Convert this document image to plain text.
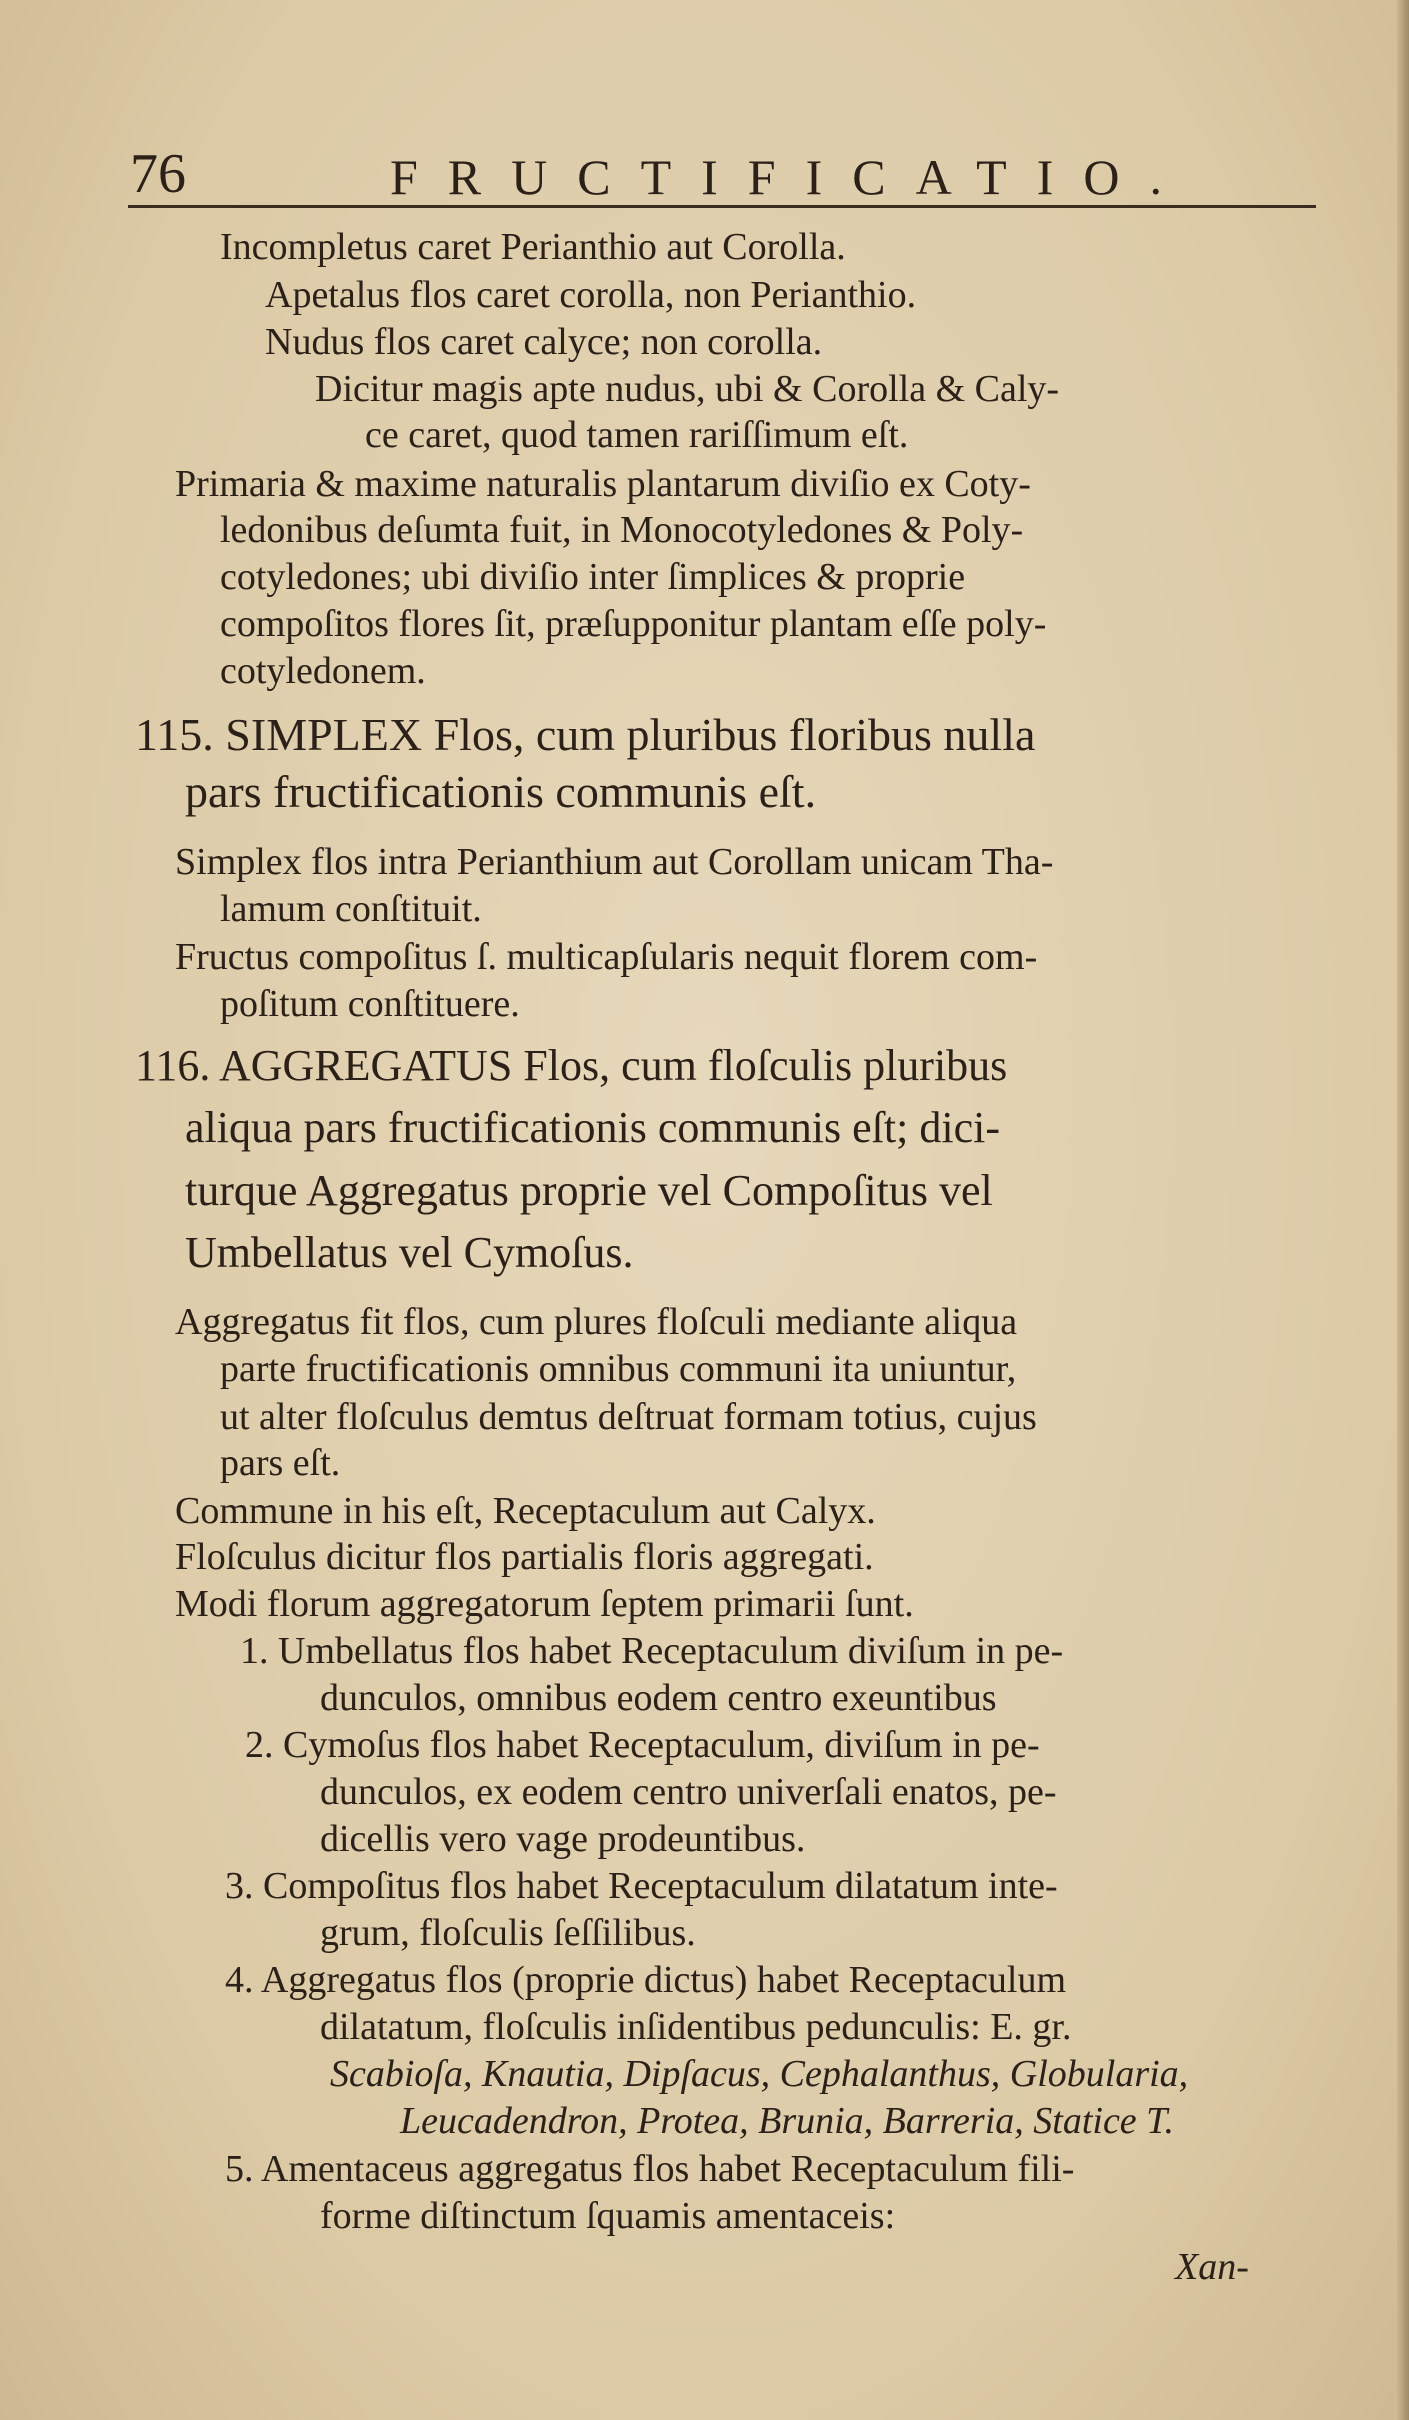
76	FRUCTIFICATIO.
Incompletus caret Perianthio aut Corolla.
Apetalus flos caret corolla, non Perianthio.
Nudus flos caret calyce; non corolla.
Dicitur magis apte nudus, ubi & Corolla & Caly-
ce caret, quod tamen rariſſimum eſt.
Primaria & maxime naturalis plantarum diviſio ex Coty-
ledonibus deſumta fuit, in Monocotyledones & Poly-
cotyledones; ubi diviſio inter ſimplices & proprie
compoſitos flores ſit, præſupponitur plantam eſſe poly-
cotyledonem.
115. SIMPLEX Flos, cum pluribus floribus nulla
pars fructificationis communis eſt.
Simplex flos intra Perianthium aut Corollam unicam Tha-
lamum conſtituit.
Fructus compoſitus ſ. multicapſularis nequit florem com-
poſitum conſtituere.
116. AGGREGATUS Flos, cum floſculis pluribus
aliqua pars fructificationis communis eſt; dici-
turque Aggregatus proprie vel Compoſitus vel
Umbellatus vel Cymoſus.
Aggregatus fit flos, cum plures floſculi mediante aliqua
parte fructificationis omnibus communi ita uniuntur,
ut alter floſculus demtus deſtruat formam totius, cujus
pars eſt.
Commune in his eſt, Receptaculum aut Calyx.
Floſculus dicitur flos partialis floris aggregati.
Modi florum aggregatorum ſeptem primarii ſunt.
1. Umbellatus flos habet Receptaculum diviſum in pe-
dunculos, omnibus eodem centro exeuntibus
2. Cymoſus flos habet Receptaculum, diviſum in pe-
dunculos, ex eodem centro univerſali enatos, pe-
dicellis vero vage prodeuntibus.
3. Compoſitus flos habet Receptaculum dilatatum inte-
grum, floſculis ſeſſilibus.
4. Aggregatus flos (proprie dictus) habet Receptaculum
dilatatum, floſculis inſidentibus pedunculis: E. gr.
Scabioſa, Knautia, Dipſacus, Cephalanthus, Globularia,
Leucadendron, Protea, Brunia, Barreria, Statice T.
5. Amentaceus aggregatus flos habet Receptaculum fili-
forme diſtinctum ſquamis amentaceis:
Xan-
